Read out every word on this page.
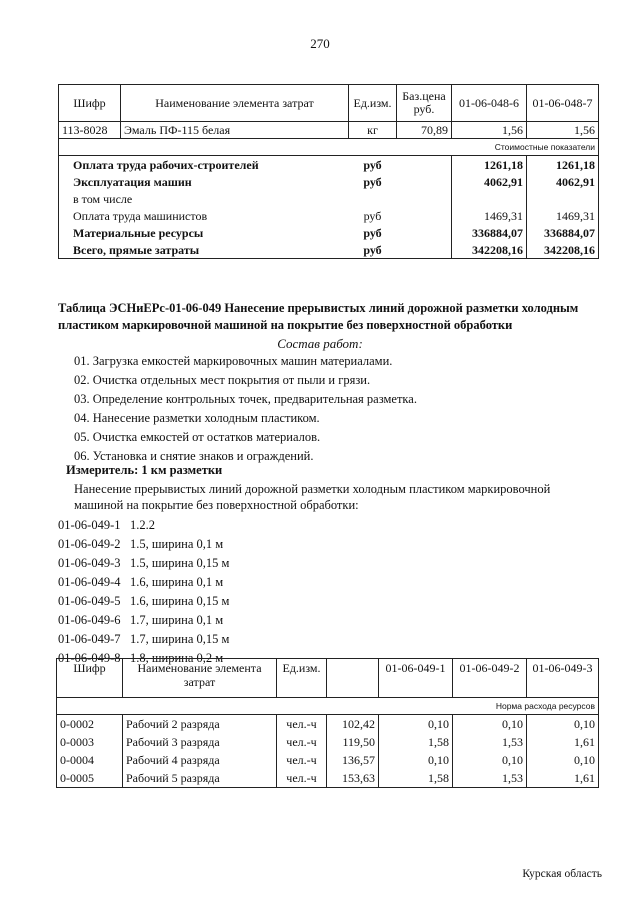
270
Шифр	Наименование элемента затрат	Ед.изм.	Баз.цена руб.	01-06-048-6	01-06-048-7
113-8028	Эмаль ПФ-115 белая	кг	70,89	1,56	1,56
Стоимостные показатели					
Оплата труда рабочих-строителей		руб		1261,18	1261,18
Эксплуатация машин		руб		4062,91	4062,91
в том числе					
Оплата труда машинистов		руб		1469,31	1469,31
Материальные ресурсы		руб		336884,07	336884,07
Всего, прямые затраты		руб		342208,16	342208,16
Таблица ЭСНиЕРс-01-06-049 Нанесение прерывистых линий дорожной разметки холодным пластиком маркировочной машиной на покрытие без поверхностной обработки
Состав работ:
01. Загрузка емкостей маркировочных машин материалами.
02. Очистка отдельных мест покрытия от пыли и грязи.
03. Определение контрольных точек, предварительная разметка.
04. Нанесение разметки холодным пластиком.
05. Очистка емкостей от остатков материалов.
06. Установка и снятие знаков и ограждений.
Измеритель: 1 км разметки
Нанесение прерывистых линий дорожной разметки холодным пластиком маркировочной машиной на покрытие без поверхностной обработки:
01-06-049-1 1.2.2
01-06-049-2 1.5, ширина 0,1 м
01-06-049-3 1.5, ширина 0,15 м
01-06-049-4 1.6, ширина 0,1 м
01-06-049-5 1.6, ширина 0,15 м
01-06-049-6 1.7, ширина 0,1 м
01-06-049-7 1.7, ширина 0,15 м
01-06-049-8 1.8, ширина 0,2 м
Шифр	Наименование элемента затрат	Ед.изм.		01-06-049-1	01-06-049-2	01-06-049-3
Норма расхода ресурсов						
0-0002	Рабочий 2 разряда	чел.-ч	102,42	0,10	0,10	0,10
0-0003	Рабочий 3 разряда	чел.-ч	119,50	1,58	1,53	1,61
0-0004	Рабочий 4 разряда	чел.-ч	136,57	0,10	0,10	0,10
0-0005	Рабочий 5 разряда	чел.-ч	153,63	1,58	1,53	1,61
Курская область
